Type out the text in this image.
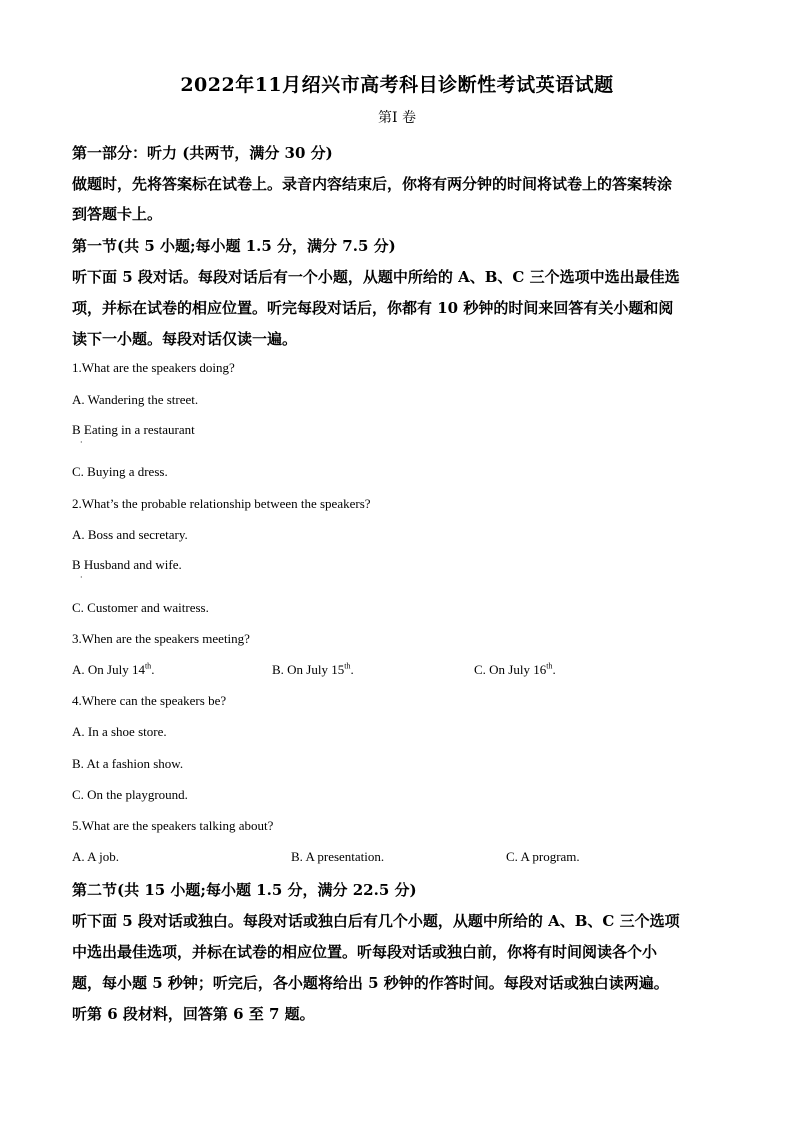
2022年11月绍兴市高考科目诊断性考试英语试题
第I 卷
第一部分：听力 (共两节，满分 30 分)
做题时，先将答案标在试卷上。录音内容结束后，你将有两分钟的时间将试卷上的答案转涂
到答题卡上。
第一节(共 5 小题;每小题 1.5 分，满分 7.5 分)
听下面 5 段对话。每段对话后有一个小题，从题中所给的 A、B、C 三个选项中选出最佳选
项，并标在试卷的相应位置。听完每段对话后，你都有 10 秒钟的时间来回答有关小题和阅
读下一小题。每段对话仅读一遍。
1.What are the speakers doing?
A. Wandering the street.
B Eating in a restaurant
·
C. Buying a dress.
2.What’s the probable relationship between the speakers?
A. Boss and secretary.
B Husband and wife.
·
C. Customer and waitress.
3.When are the speakers meeting?
A. On July 14th.	B. On July 15th.	C. On July 16th.
4.Where can the speakers be?
A. In a shoe store.
B. At a fashion show.
C. On the playground.
5.What are the speakers talking about?
A. A job.	B. A presentation.	C. A program.
第二节(共 15 小题;每小题 1.5 分，满分 22.5 分)
听下面 5 段对话或独白。每段对话或独白后有几个小题，从题中所给的 A、B、C 三个选项
中选出最佳选项，并标在试卷的相应位置。听每段对话或独白前，你将有时间阅读各个小
题，每小题 5 秒钟；听完后，各小题将给出 5 秒钟的作答时间。每段对话或独白读两遍。
听第 6 段材料，回答第 6 至 7 题。
